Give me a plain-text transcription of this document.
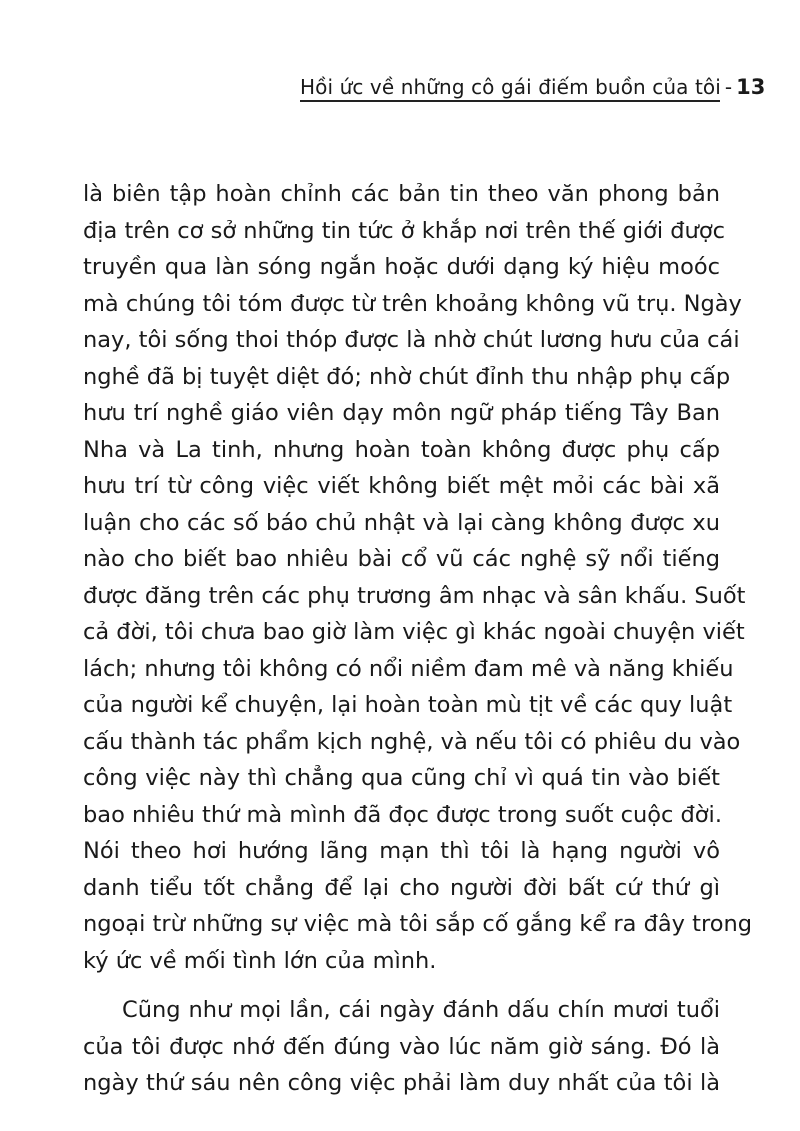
Hồi ức về những cô gái điếm buồn của tôi - 13
là biên tập hoàn chỉnh các bản tin theo văn phong bản
địa trên cơ sở những tin tức ở khắp nơi trên thế giới được
truyền qua làn sóng ngắn hoặc dưới dạng ký hiệu moóc
mà chúng tôi tóm được từ trên khoảng không vũ trụ. Ngày
nay, tôi sống thoi thóp được là nhờ chút lương hưu của cái
nghề đã bị tuyệt diệt đó; nhờ chút đỉnh thu nhập phụ cấp
hưu trí nghề giáo viên dạy môn ngữ pháp tiếng Tây Ban
Nha và La tinh, nhưng hoàn toàn không được phụ cấp
hưu trí từ công việc viết không biết mệt mỏi các bài xã
luận cho các số báo chủ nhật và lại càng không được xu
nào cho biết bao nhiêu bài cổ vũ các nghệ sỹ nổi tiếng
được đăng trên các phụ trương âm nhạc và sân khấu. Suốt
cả đời, tôi chưa bao giờ làm việc gì khác ngoài chuyện viết
lách; nhưng tôi không có nổi niềm đam mê và năng khiếu
của người kể chuyện, lại hoàn toàn mù tịt về các quy luật
cấu thành tác phẩm kịch nghệ, và nếu tôi có phiêu du vào
công việc này thì chẳng qua cũng chỉ vì quá tin vào biết
bao nhiêu thứ mà mình đã đọc được trong suốt cuộc đời.
Nói theo hơi hướng lãng mạn thì tôi là hạng người vô
danh tiểu tốt chẳng để lại cho người đời bất cứ thứ gì
ngoại trừ những sự việc mà tôi sắp cố gắng kể ra đây trong
ký ức về mối tình lớn của mình.
Cũng như mọi lần, cái ngày đánh dấu chín mươi tuổi
của tôi được nhớ đến đúng vào lúc năm giờ sáng. Đó là
ngày thứ sáu nên công việc phải làm duy nhất của tôi là
